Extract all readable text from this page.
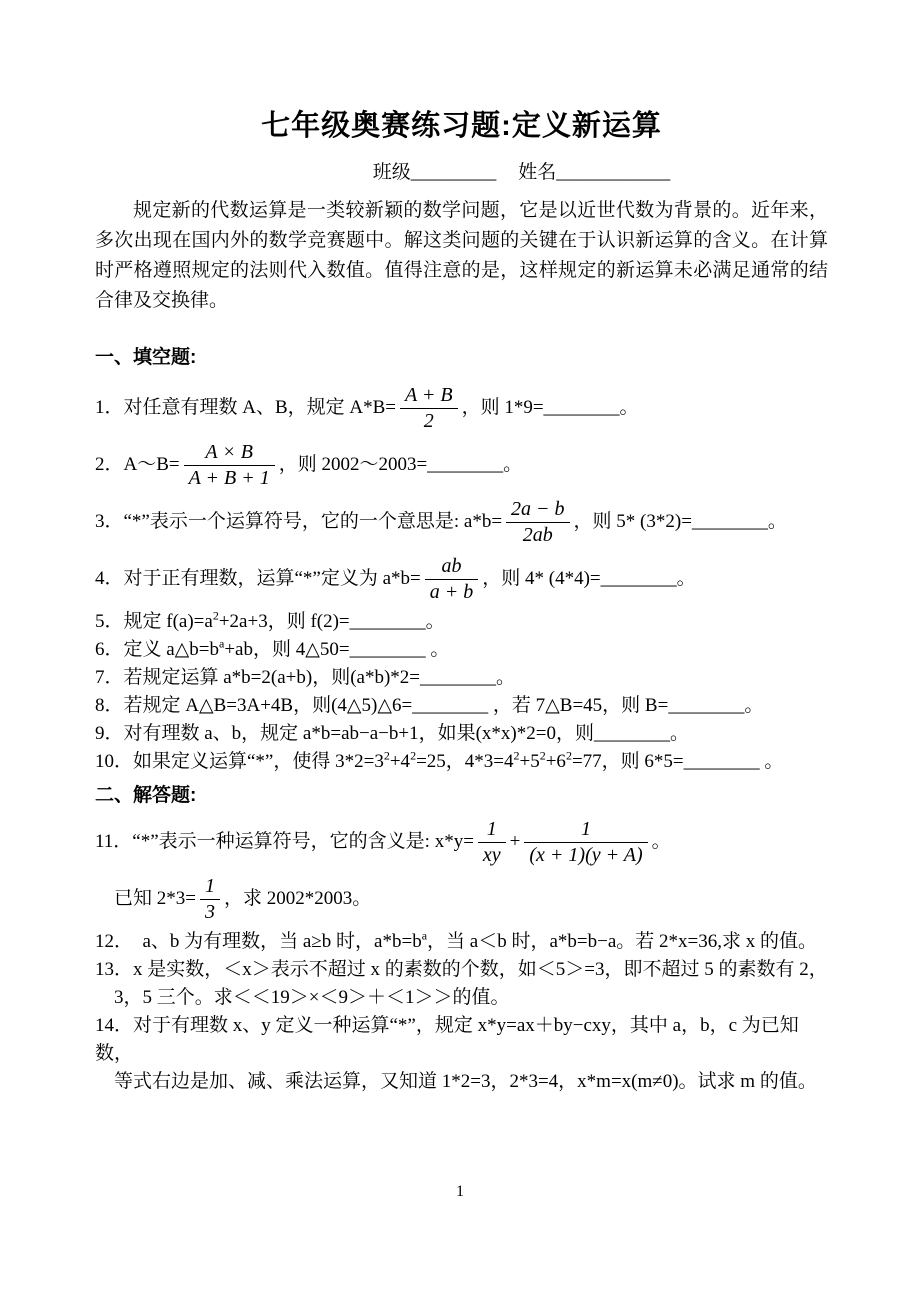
七年级奥赛练习题:定义新运算
班级_________ 姓名____________

规定新的代数运算是一类较新颖的数学问题，它是以近世代数为背景的。近年来，多次出现在国内外的数学竞赛题中。解这类问题的关键在于认识新运算的含义。在计算时严格遵照规定的法则代入数值。值得注意的是，这样规定的新运算未必满足通常的结合律及交换律。

一、填空题:
1．对任意有理数 A、B，规定 $A*B= \frac{A + B}{2}$ ，则 1*9=________。
2．A～B= $\frac{A \times B}{A + B + 1}$ ，则 2002～2003=________。
3．“*”表示一个运算符号，它的一个意思是: $a*b= \frac{2a - b}{2ab}$ ，则 5* (3*2)=________。
4．对于正有理数，运算“*”定义为 $a*b= \frac{ab}{a + b}$ ，则 4* (4*4)=________。
5．规定 $f(a)=a^2+2a+3$，则 f(2)=________。
6．定义 $a\triangle b=b^a+ab$，则 4△50=________ 。
7．若规定运算 a*b=2(a+b)，则(a*b)*2=________。
8．若规定 A△B=3A+4B，则(4△5)△6=________ ，若 7△B=45，则 B=________。
9．对有理数 a、b，规定 a*b=ab−a−b+1，如果(x*x)*2=0，则________。
10．如果定义运算“*”，使得 $3*2=3^2+4^2=25$，$4*3=4^2+5^2+6^2=77$，则 6*5=________ 。
二、解答题:
11．“*”表示一种运算符号，它的含义是: $x*y= \frac{1}{xy} + \frac{1}{(x + 1)(y + A)}$ 。
已知 $2*3= \frac{1}{3}$ ，求 2002*2003。
12．  a、b 为有理数，当 a≥b 时，$a*b=b^a$，当 a＜b 时，a*b=b−a。若 2*x=36,求 x 的值。
13．x 是实数，＜x＞表示不超过 x 的素数的个数，如＜5＞=3，即不超过 5 的素数有 2，
3，5 三个。求＜＜19＞×＜9＞＋＜1＞＞的值。
14．对于有理数 x、y 定义一种运算“*”，规定 x*y=ax＋by−cxy，其中 a，b，c 为已知数，
等式右边是加、减、乘法运算，又知道 1*2=3，2*3=4，x*m=x(m≠0)。试求 m 的值。
1
